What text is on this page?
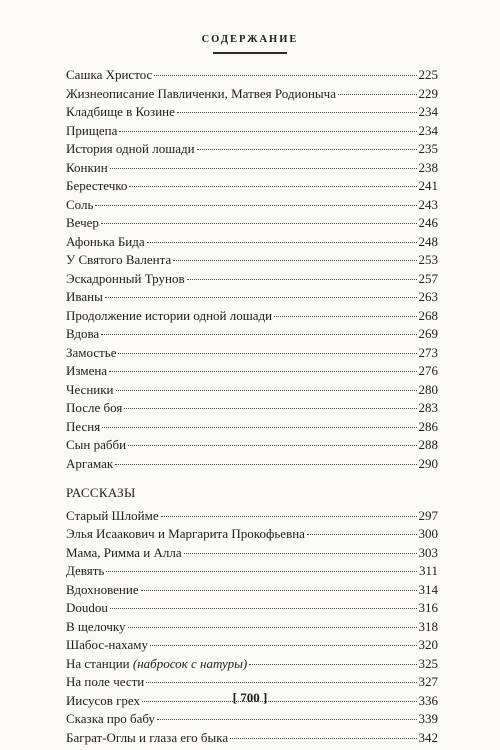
СОДЕРЖАНИЕ
Сашка Христос	225
Жизнеописание Павличенки, Матвея Родионыча	229
Кладбище в Козине	234
Прищепа	234
История одной лошади	235
Конкин	238
Берестечко	241
Соль	243
Вечер	246
Афонька Бида	248
У Святого Валента	253
Эскадронный Трунов	257
Иваны	263
Продолжение истории одной лошади	268
Вдова	269
Замостье	273
Измена	276
Чесники	280
После боя	283
Песня	286
Сын рабби	288
Аргамак	290
РАССКАЗЫ
Старый Шлойме	297
Элья Исаакович и Маргарита Прокофьевна	300
Мама, Римма и Алла	303
Девять	311
Вдохновение	314
Doudou	316
В щелочку	318
Шабос-нахаму	320
На станции (набросок с натуры)	325
На поле чести	327
Иисусов грех	336
Сказка про бабу	339
Баграт-Оглы и глаза его быка	342
[ 700 ]
